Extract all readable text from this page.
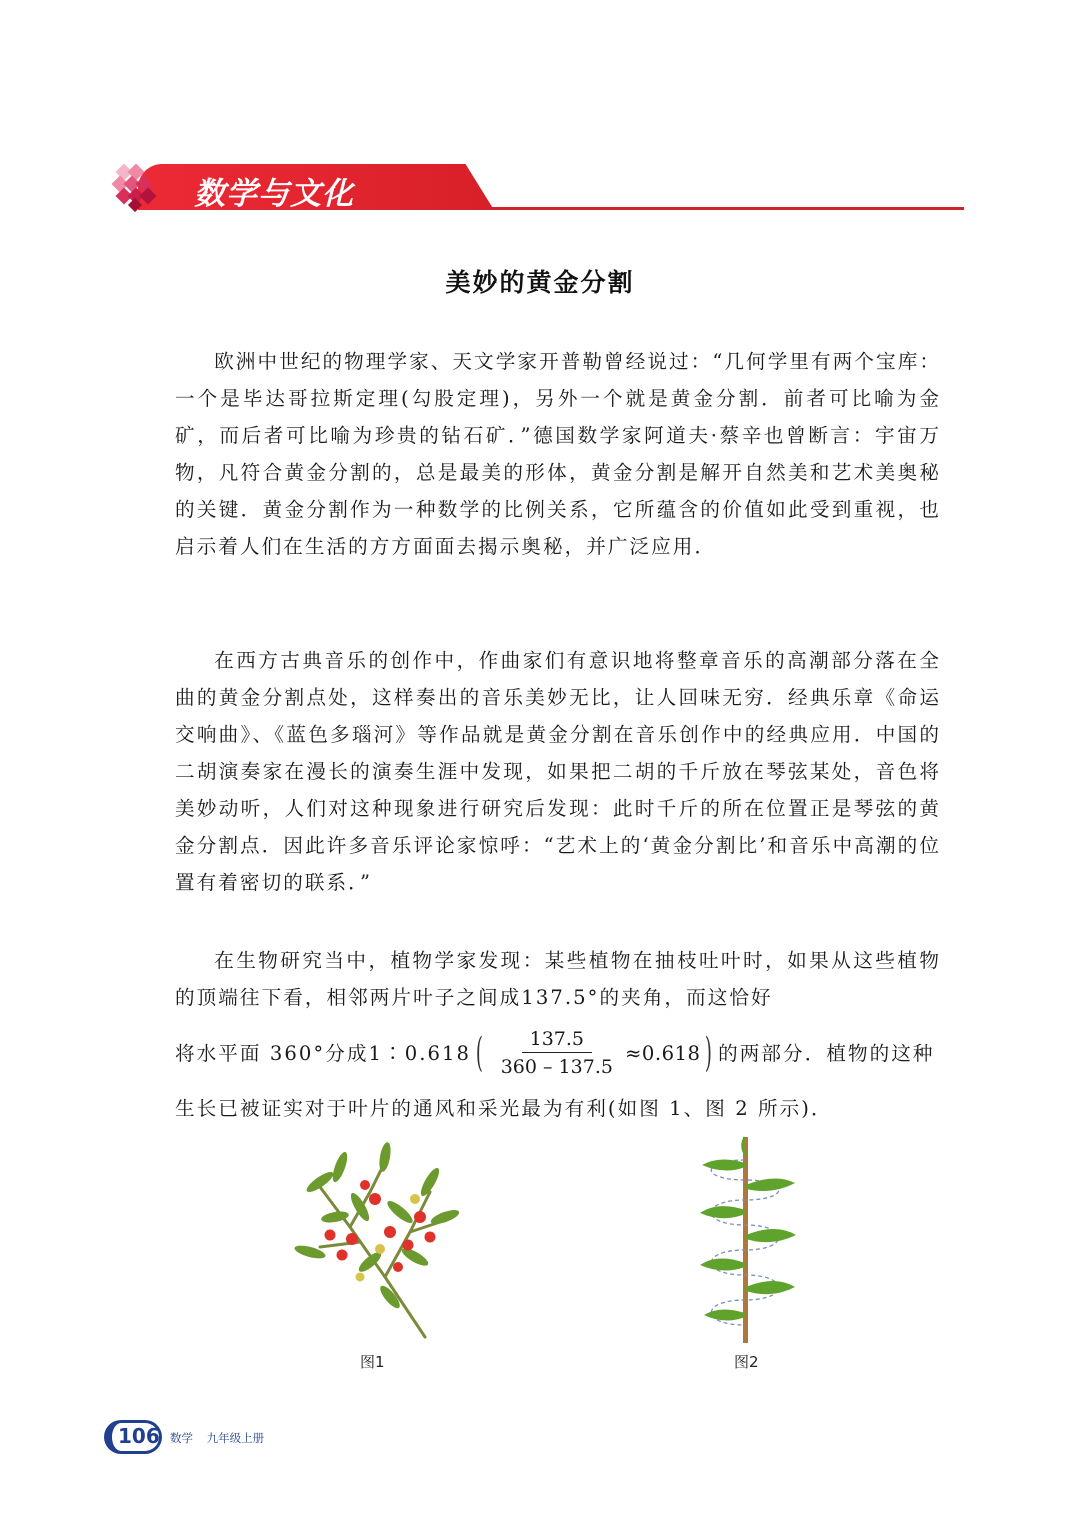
数学与文化
美妙的黄金分割

欧洲中世纪的物理学家、天文学家开普勒曾经说过：“几何学里有两个宝库：一个是毕达哥拉斯定理(勾股定理)，另外一个就是黄金分割．前者可比喻为金矿，而后者可比喻为珍贵的钻石矿．”德国数学家阿道夫·蔡辛也曾断言：宇宙万物，凡符合黄金分割的，总是最美的形体，黄金分割是解开自然美和艺术美奥秘的关键．黄金分割作为一种数学的比例关系，它所蕴含的价值如此受到重视，也启示着人们在生活的方方面面去揭示奥秘，并广泛应用．

在西方古典音乐的创作中，作曲家们有意识地将整章音乐的高潮部分落在全曲的黄金分割点处，这样奏出的音乐美妙无比，让人回味无穷．经典乐章《命运交响曲》、《蓝色多瑙河》等作品就是黄金分割在音乐创作中的经典应用．中国的二胡演奏家在漫长的演奏生涯中发现，如果把二胡的千斤放在琴弦某处，音色将美妙动听，人们对这种现象进行研究后发现：此时千斤的所在位置正是琴弦的黄金分割点．因此许多音乐评论家惊呼：“艺术上的‘黄金分割比’和音乐中高潮的位置有着密切的联系．”

在生物研究当中，植物学家发现：某些植物在抽枝吐叶时，如果从这些植物的顶端往下看，相邻两片叶子之间成137.5°的夹角，而这恰好
将水平面 360°分成1∶0.618 ( $\frac{137.5}{360 - 137.5} \approx 0.618$ ) 的两部分．植物的这种
生长已被证实对于叶片的通风和采光最为有利(如图 1、图 2 所示)．
图1	图2
106 数学 九年级上册
